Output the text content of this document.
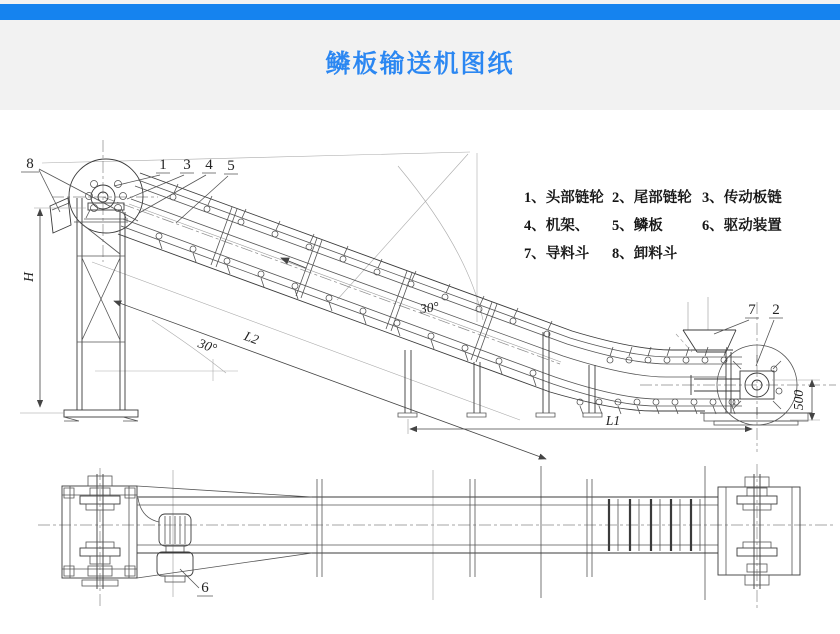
鳞板输送机图纸
1、头部链轮 2、尾部链轮 3、传动板链
4、机架、	5、鳞板	6、驱动装置
7、导料斗	8、卸料斗
H
L2
30°
30°
L1
500
8	1 3 4 5
7 2
6
